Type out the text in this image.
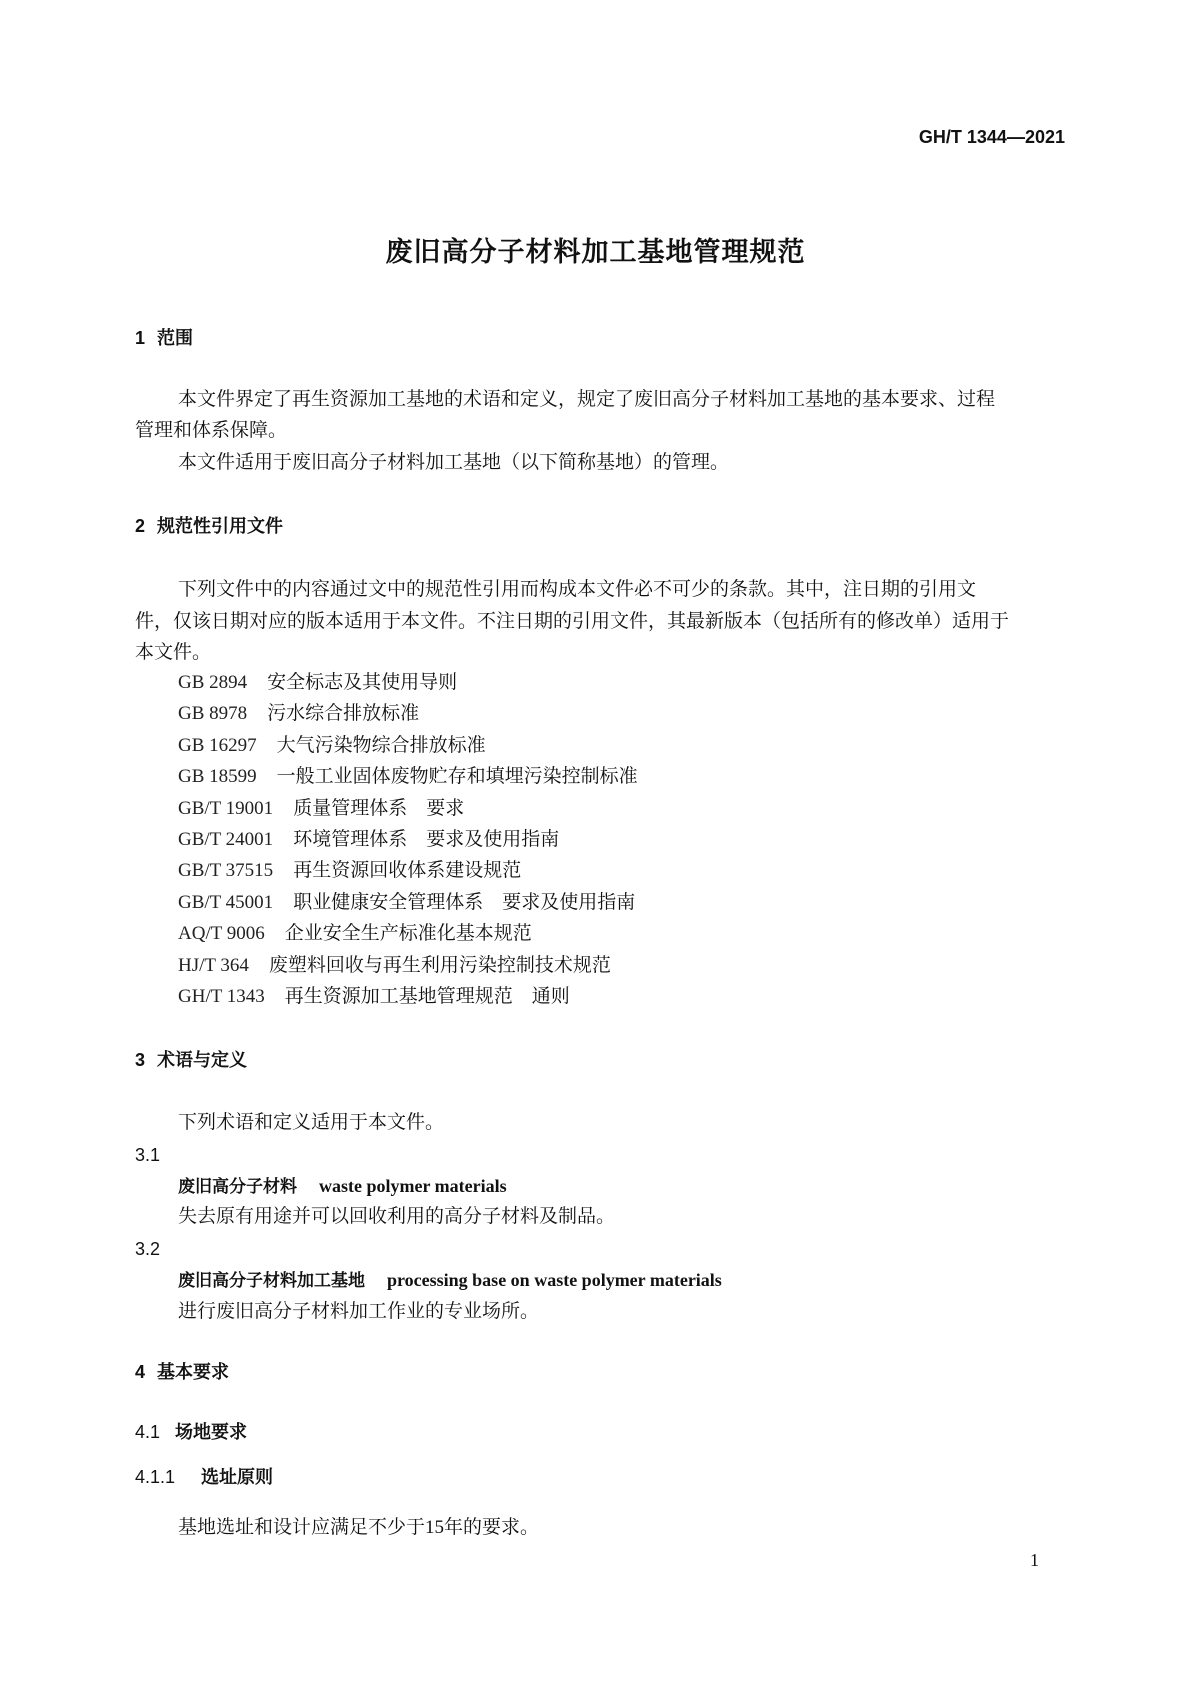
GH/T 1344—2021
废旧高分子材料加工基地管理规范
1 范围
本文件界定了再生资源加工基地的术语和定义，规定了废旧高分子材料加工基地的基本要求、过程
管理和体系保障。
本文件适用于废旧高分子材料加工基地（以下简称基地）的管理。
2 规范性引用文件
下列文件中的内容通过文中的规范性引用而构成本文件必不可少的条款。其中，注日期的引用文
件，仅该日期对应的版本适用于本文件。不注日期的引用文件，其最新版本（包括所有的修改单）适用于
本文件。
GB 2894 安全标志及其使用导则
GB 8978 污水综合排放标准
GB 16297 大气污染物综合排放标准
GB 18599 一般工业固体废物贮存和填埋污染控制标准
GB/T 19001 质量管理体系　要求
GB/T 24001 环境管理体系　要求及使用指南
GB/T 37515 再生资源回收体系建设规范
GB/T 45001 职业健康安全管理体系　要求及使用指南
AQ/T 9006 企业安全生产标准化基本规范
HJ/T 364 废塑料回收与再生利用污染控制技术规范
GH/T 1343 再生资源加工基地管理规范　通则
3 术语与定义
下列术语和定义适用于本文件。
3.1
废旧高分子材料 waste polymer materials
失去原有用途并可以回收利用的高分子材料及制品。
3.2
废旧高分子材料加工基地 processing base on waste polymer materials
进行废旧高分子材料加工作业的专业场所。
4 基本要求
4.1 场地要求
4.1.1 选址原则
基地选址和设计应满足不少于15年的要求。
1
